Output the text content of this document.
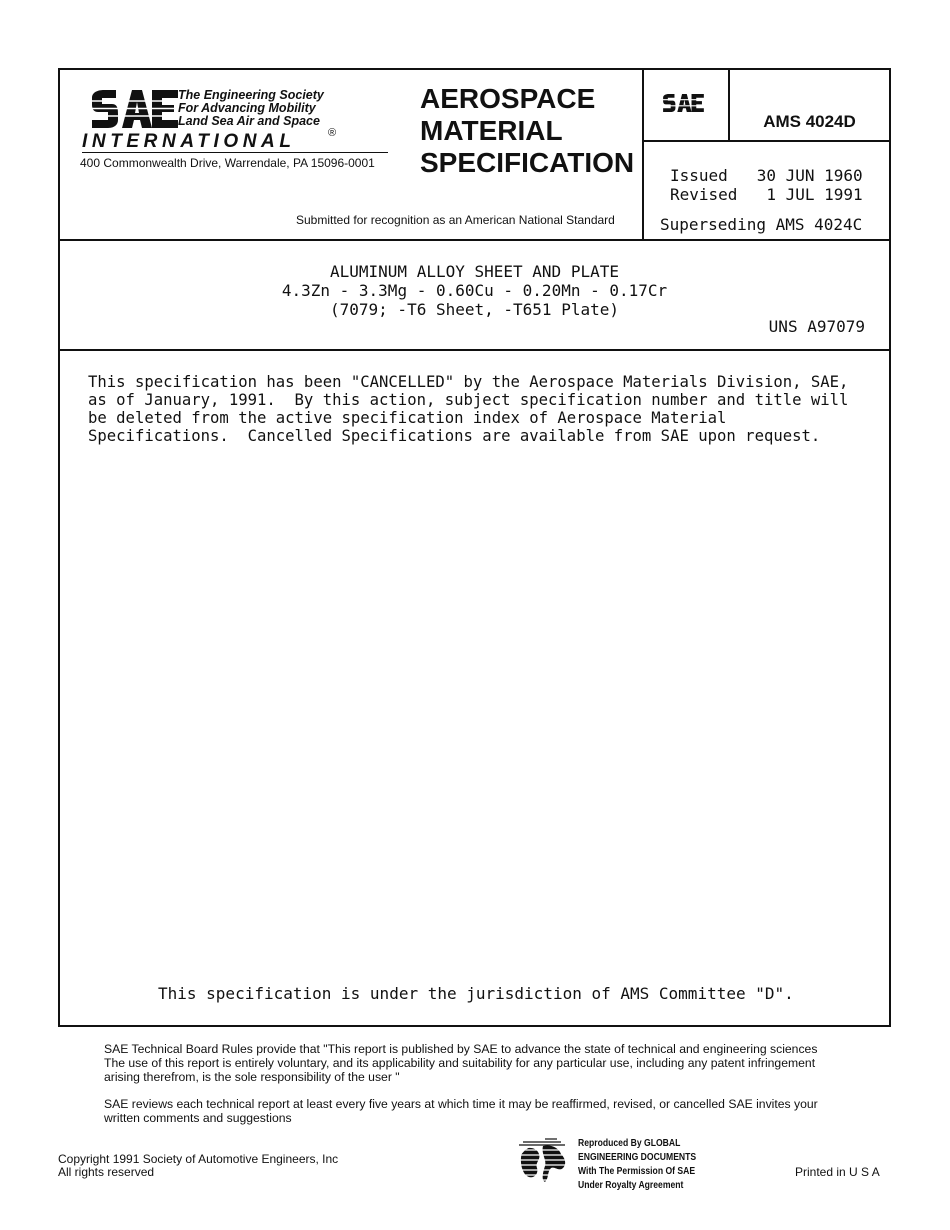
The Engineering Society
For Advancing Mobility
Land Sea Air and Space
INTERNATIONAL	®
400 Commonwealth Drive, Warrendale, PA 15096-0001
AEROSPACE
MATERIAL
SPECIFICATION
Submitted for recognition as an American National Standard
AMS 4024D
Issued   30 JUN 1960
Revised   1 JUL 1991
Superseding AMS 4024C
ALUMINUM ALLOY SHEET AND PLATE
4.3Zn - 3.3Mg - 0.60Cu - 0.20Mn - 0.17Cr
(7079; -T6 Sheet, -T651 Plate)
UNS A97079
This specification has been "CANCELLED" by the Aerospace Materials Division, SAE,
as of January, 1991.  By this action, subject specification number and title will
be deleted from the active specification index of Aerospace Material
Specifications.  Cancelled Specifications are available from SAE upon request.
This specification is under the jurisdiction of AMS Committee "D".
SAE Technical Board Rules provide that "This report is published by SAE to advance the state of technical and engineering sciences
The use of this report is entirely voluntary, and its applicability and suitability for any particular use, including any patent infringement
arising therefrom, is the sole responsibility of the user "
SAE reviews each technical report at least every five years at which time it may be reaffirmed, revised, or cancelled SAE invites your
written comments and suggestions
Copyright 1991 Society of Automotive Engineers, Inc
All rights reserved
Reproduced By GLOBAL
ENGINEERING DOCUMENTS
With The Permission Of SAE
Under Royalty Agreement
Printed in U S A
